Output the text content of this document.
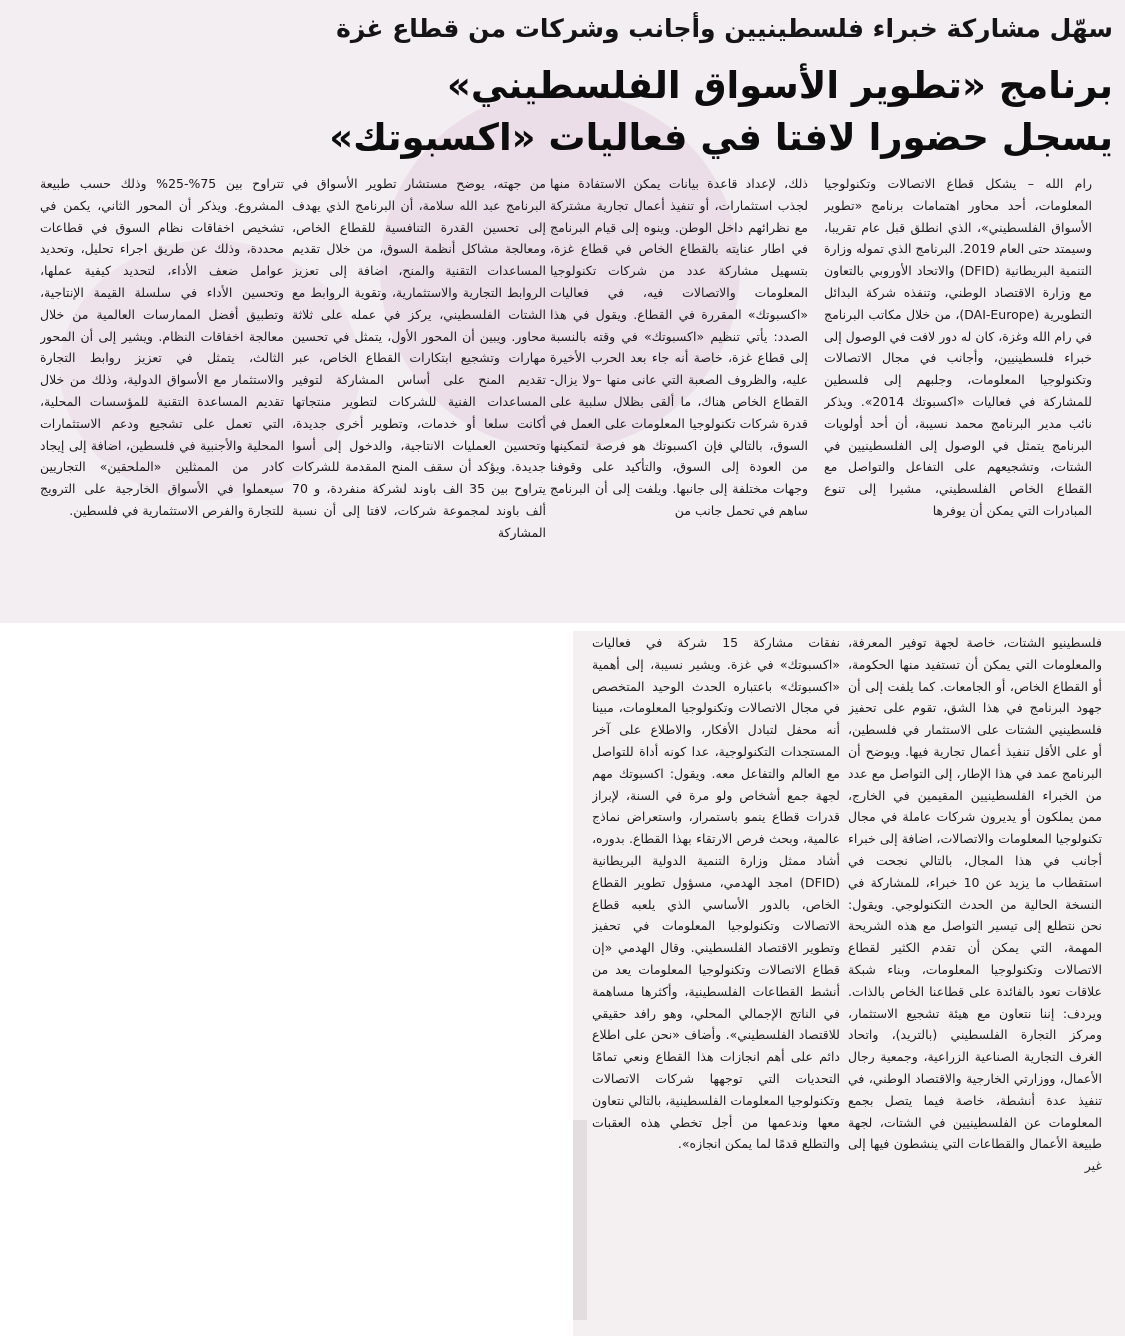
سهّل مشاركة خبراء فلسطينيين وأجانب وشركات من قطاع غزة
برنامج «تطوير الأسواق الفلسطيني»
يسجل حضورا لافتا في فعاليات «اكسبوتك»

رام الله – يشكل قطاع الاتصالات وتكنولوجيا المعلومات، أحد محاور اهتمامات برنامج «تطوير الأسواق الفلسطيني»، الذي انطلق قبل عام تقريبا، وسيمتد حتى العام 2019. البرنامج الذي تموله وزارة التنمية البريطانية (DFID) والاتحاد الأوروبي بالتعاون مع وزارة الاقتصاد الوطني، وتنفذه شركة البدائل التطويرية (DAI-Europe)، من خلال مكاتب البرنامج في رام الله وغزة، كان له دور لافت في الوصول إلى خبراء فلسطينيين، وأجانب في مجال الاتصالات وتكنولوجيا المعلومات، وجلبهم إلى فلسطين للمشاركة في فعاليات «اكسبوتك 2014». ويذكر نائب مدير البرنامج محمد نسيبة، أن أحد أولويات البرنامج يتمثل في الوصول إلى الفلسطينيين في الشتات، وتشجيعهم على التفاعل والتواصل مع القطاع الخاص الفلسطيني، مشيرا إلى تنوع المبادرات التي يمكن أن يوفرها

ذلك، لإعداد قاعدة بيانات يمكن الاستفادة منها لجذب استثمارات، أو تنفيذ أعمال تجارية مشتركة مع نظرائهم داخل الوطن. وينوه إلى قيام البرنامج في اطار عنايته بالقطاع الخاص في قطاع غزة، بتسهيل مشاركة عدد من شركات تكنولوجيا المعلومات والاتصالات فيه، في فعاليات «اكسبوتك» المقررة في القطاع. ويقول في هذا الصدد: يأتي تنظيم «اكسبوتك» في وقته بالنسبة إلى قطاع غزة، خاصة أنه جاء بعد الحرب الأخيرة عليه، والظروف الصعبة التي عانى منها –ولا يزال- القطاع الخاص هناك، ما ألقى بظلال سلبية على قدرة شركات تكنولوجيا المعلومات على العمل في السوق، بالتالي فإن اكسبوتك هو فرصة لتمكينها من العودة إلى السوق، والتأكيد على وقوفنا وجهات مختلفة إلى جانبها. ويلفت إلى أن البرنامج ساهم في تحمل جانب من

من جهته، يوضح مستشار تطوير الأسواق في البرنامج عبد الله سلامة، أن البرنامج الذي يهدف إلى تحسين القدرة التنافسية للقطاع الخاص، ومعالجة مشاكل أنظمة السوق، من خلال تقديم المساعدات التقنية والمنح، اضافة إلى تعزيز الروابط التجارية والاستثمارية، وتقوية الروابط مع الشتات الفلسطيني، يركز في عمله على ثلاثة محاور. ويبين أن المحور الأول، يتمثل في تحسين مهارات وتشجيع ابتكارات القطاع الخاص، عبر تقديم المنح على أساس المشاركة لتوفير المساعدات الفنية للشركات لتطوير منتجاتها أكانت سلعا أو خدمات، وتطوير أخرى جديدة، وتحسين العمليات الانتاجية، والدخول إلى أسوا جديدة. ويؤكد أن سقف المنح المقدمة للشركات يتراوح بين 35 الف باوند لشركة منفردة، و 70 ألف باوند لمجموعة شركات، لافتا إلى أن نسبة المشاركة

تتراوح بين 75%-25% وذلك حسب طبيعة المشروع. ويذكر أن المحور الثاني، يكمن في تشخيص اخفاقات نظام السوق في قطاعات محددة، وذلك عن طريق اجراء تحليل، وتحديد عوامل ضعف الأداء، لتحديد كيفية عملها، وتحسين الأداء في سلسلة القيمة الإنتاجية، وتطبيق أفضل الممارسات العالمية من خلال معالجة اخفاقات النظام. ويشير إلى أن المحور الثالث، يتمثل في تعزيز روابط التجارة والاستثمار مع الأسواق الدولية، وذلك من خلال تقديم المساعدة التقنية للمؤسسات المحلية، التي تعمل على تشجيع ودعم الاستثمارات المحلية والأجنبية في فلسطين، اضافة إلى إيجاد كادر من الممثلين «الملحقين» التجاريين سيعملوا في الأسواق الخارجية على الترويج للتجارة والفرص الاستثمارية في فلسطين.

فلسطينيو الشتات، خاصة لجهة توفير المعرفة، والمعلومات التي يمكن أن تستفيد منها الحكومة، أو القطاع الخاص، أو الجامعات. كما يلفت إلى أن جهود البرنامج في هذا الشق، تقوم على تحفيز فلسطينيي الشتات على الاستثمار في فلسطين، أو على الأقل تنفيذ أعمال تجارية فيها. ويوضح أن البرنامج عمد في هذا الإطار، إلى التواصل مع عدد من الخبراء الفلسطينيين المقيمين في الخارج، ممن يملكون أو يديرون شركات عاملة في مجال تكنولوجيا المعلومات والاتصالات، اضافة إلى خبراء أجانب في هذا المجال، بالتالي نجحت في استقطاب ما يزيد عن 10 خبراء، للمشاركة في النسخة الحالية من الحدث التكنولوجي. ويقول: نحن نتطلع إلى تيسير التواصل مع هذه الشريحة المهمة، التي يمكن أن تقدم الكثير لقطاع الاتصالات وتكنولوجيا المعلومات، وبناء شبكة علاقات تعود بالفائدة على قطاعنا الخاص بالذات. ويردف: إننا نتعاون مع هيئة تشجيع الاستثمار، ومركز التجارة الفلسطيني (بالتريد)، واتحاد الغرف التجارية الصناعية الزراعية، وجمعية رجال الأعمال، ووزارتي الخارجية والاقتصاد الوطني، في تنفيذ عدة أنشطة، خاصة فيما يتصل بجمع المعلومات عن الفلسطينيين في الشتات، لجهة طبيعة الأعمال والقطاعات التي ينشطون فيها إلى غير

نفقات مشاركة 15 شركة في فعاليات «اكسبوتك» في غزة. ويشير نسيبة، إلى أهمية «اكسبوتك» باعتباره الحدث الوحيد المتخصص في مجال الاتصالات وتكنولوجيا المعلومات، مبينا أنه محفل لتبادل الأفكار، والاطلاع على آخر المستجدات التكنولوجية، عدا كونه أداة للتواصل مع العالم والتفاعل معه. ويقول: اكسبوتك مهم لجهة جمع أشخاص ولو مرة في السنة، لإبراز قدرات قطاع ينمو باستمرار، واستعراض نماذج عالمية، وبحث فرص الارتقاء بهذا القطاع. بدوره، أشاد ممثل وزارة التنمية الدولية البريطانية (DFID) امجد الهدمي، مسؤول تطوير القطاع الخاص، بالدور الأساسي الذي يلعبه قطاع الاتصالات وتكنولوجيا المعلومات في تحفيز وتطوير الاقتصاد الفلسطيني. وقال الهدمي «إن قطاع الاتصالات وتكنولوجيا المعلومات يعد من أنشط القطاعات الفلسطينية، وأكثرها مساهمة في الناتج الإجمالي المحلي، وهو رافد حقيقي للاقتصاد الفلسطيني». وأضاف «نحن على اطلاع دائم على أهم انجازات هذا القطاع ونعي تمامًا التحديات التي توجهها شركات الاتصالات وتكنولوجيا المعلومات الفلسطينية، بالتالي نتعاون معها وندعمها من أجل تخطي هذه العقبات والتطلع قدمًا لما يمكن انجازه».
